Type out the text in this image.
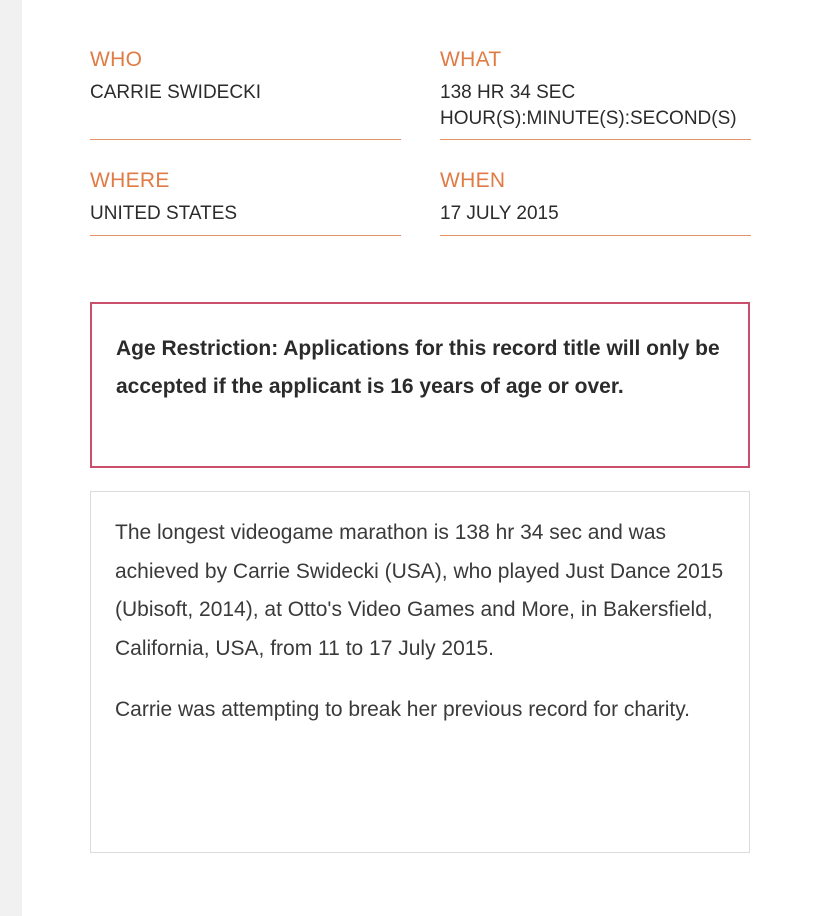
WHO
CARRIE SWIDECKI
WHAT
138 HR 34 SEC
HOUR(S):MINUTE(S):SECOND(S)
WHERE
UNITED STATES
WHEN
17 JULY 2015
Age Restriction: Applications for this record title will only be accepted if the applicant is 16 years of age or over.

The longest videogame marathon is 138 hr 34 sec and was achieved by Carrie Swidecki (USA), who played Just Dance 2015 (Ubisoft, 2014), at Otto's Video Games and More, in Bakersfield, California, USA, from 11 to 17 July 2015.

Carrie was attempting to break her previous record for charity.
